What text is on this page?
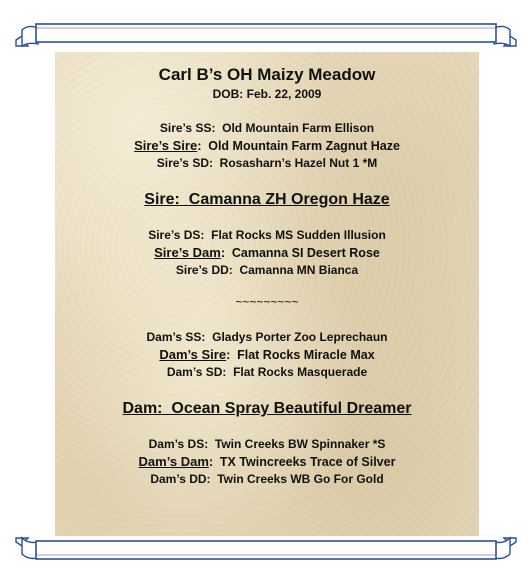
Carl B’s OH Maizy Meadow
DOB: Feb. 22, 2009
Sire’s SS: Old Mountain Farm Ellison
Sire’s Sire: Old Mountain Farm Zagnut Haze
Sire’s SD: Rosasharn’s Hazel Nut 1 *M
Sire: Camanna ZH Oregon Haze
Sire’s DS: Flat Rocks MS Sudden Illusion
Sire’s Dam: Camanna SI Desert Rose
Sire’s DD: Camanna MN Bianca
~~~~~~~~~
Dam’s SS: Gladys Porter Zoo Leprechaun
Dam’s Sire: Flat Rocks Miracle Max
Dam’s SD: Flat Rocks Masquerade
Dam: Ocean Spray Beautiful Dreamer
Dam’s DS: Twin Creeks BW Spinnaker *S
Dam’s Dam: TX Twincreeks Trace of Silver
Dam’s DD: Twin Creeks WB Go For Gold
